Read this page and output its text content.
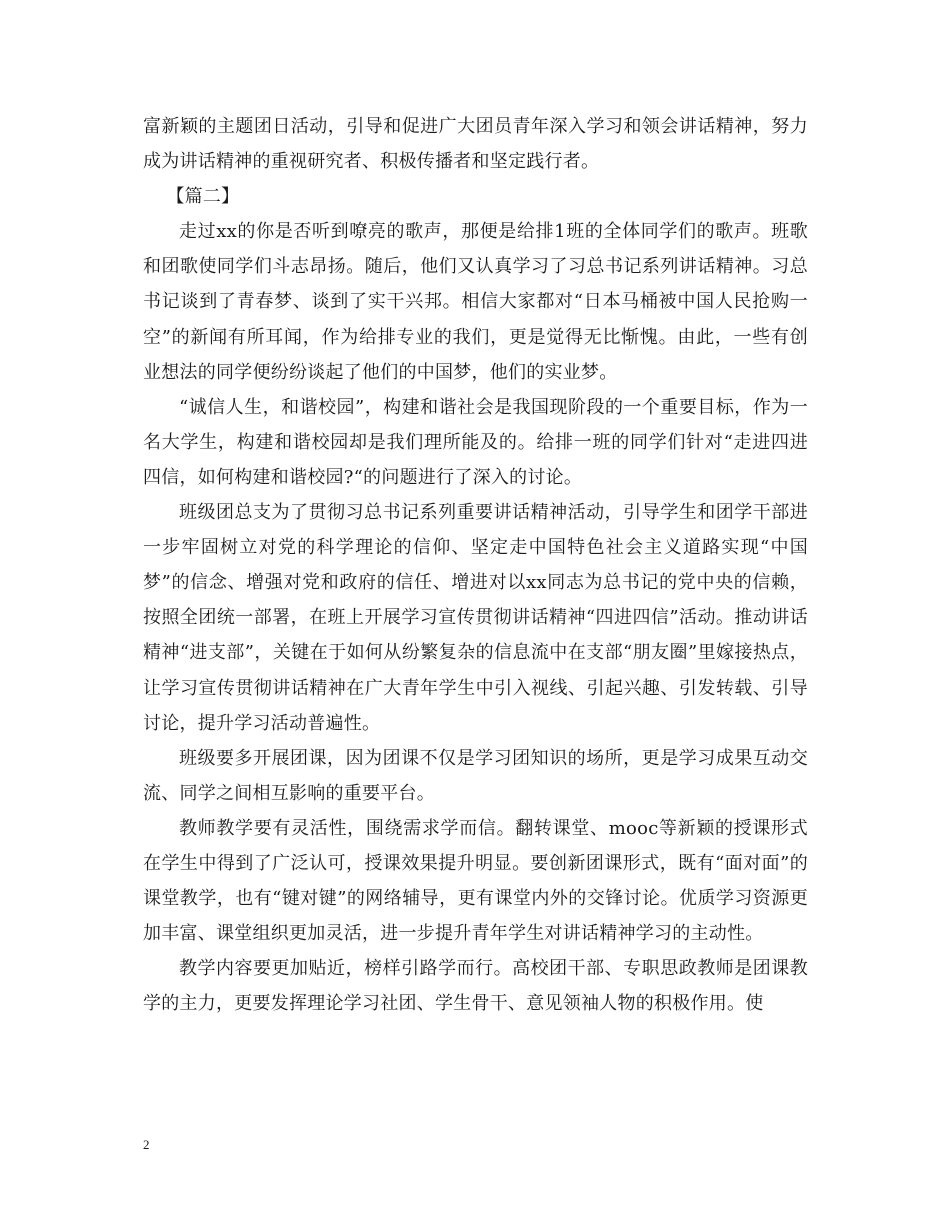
富新颖的主题团日活动，引导和促进广大团员青年深入学习和领会讲话精神，努力成为讲话精神的重视研究者、积极传播者和坚定践行者。

【篇二】

走过xx的你是否听到嘹亮的歌声，那便是给排1班的全体同学们的歌声。班歌和团歌使同学们斗志昂扬。随后，他们又认真学习了习总书记系列讲话精神。习总书记谈到了青春梦、谈到了实干兴邦。相信大家都对“日本马桶被中国人民抢购一空”的新闻有所耳闻，作为给排专业的我们，更是觉得无比惭愧。由此，一些有创业想法的同学便纷纷谈起了他们的中国梦，他们的实业梦。

“诚信人生，和谐校园”，构建和谐社会是我国现阶段的一个重要目标，作为一名大学生，构建和谐校园却是我们理所能及的。给排一班的同学们针对“走进四进四信，如何构建和谐校园?“的问题进行了深入的讨论。

班级团总支为了贯彻习总书记系列重要讲话精神活动，引导学生和团学干部进一步牢固树立对党的科学理论的信仰、坚定走中国特色社会主义道路实现“中国梦”的信念、增强对党和政府的信任、增进对以xx同志为总书记的党中央的信赖，按照全团统一部署，在班上开展学习宣传贯彻讲话精神“四进四信”活动。推动讲话精神“进支部”，关键在于如何从纷繁复杂的信息流中在支部“朋友圈”里嫁接热点，让学习宣传贯彻讲话精神在广大青年学生中引入视线、引起兴趣、引发转载、引导讨论，提升学习活动普遍性。

班级要多开展团课，因为团课不仅是学习团知识的场所，更是学习成果互动交流、同学之间相互影响的重要平台。

教师教学要有灵活性，围绕需求学而信。翻转课堂、mooc等新颖的授课形式在学生中得到了广泛认可，授课效果提升明显。要创新团课形式，既有“面对面”的课堂教学，也有“键对键”的网络辅导，更有课堂内外的交锋讨论。优质学习资源更加丰富、课堂组织更加灵活，进一步提升青年学生对讲话精神学习的主动性。

教学内容要更加贴近，榜样引路学而行。高校团干部、专职思政教师是团课教学的主力，更要发挥理论学习社团、学生骨干、意见领袖人物的积极作用。使

2
